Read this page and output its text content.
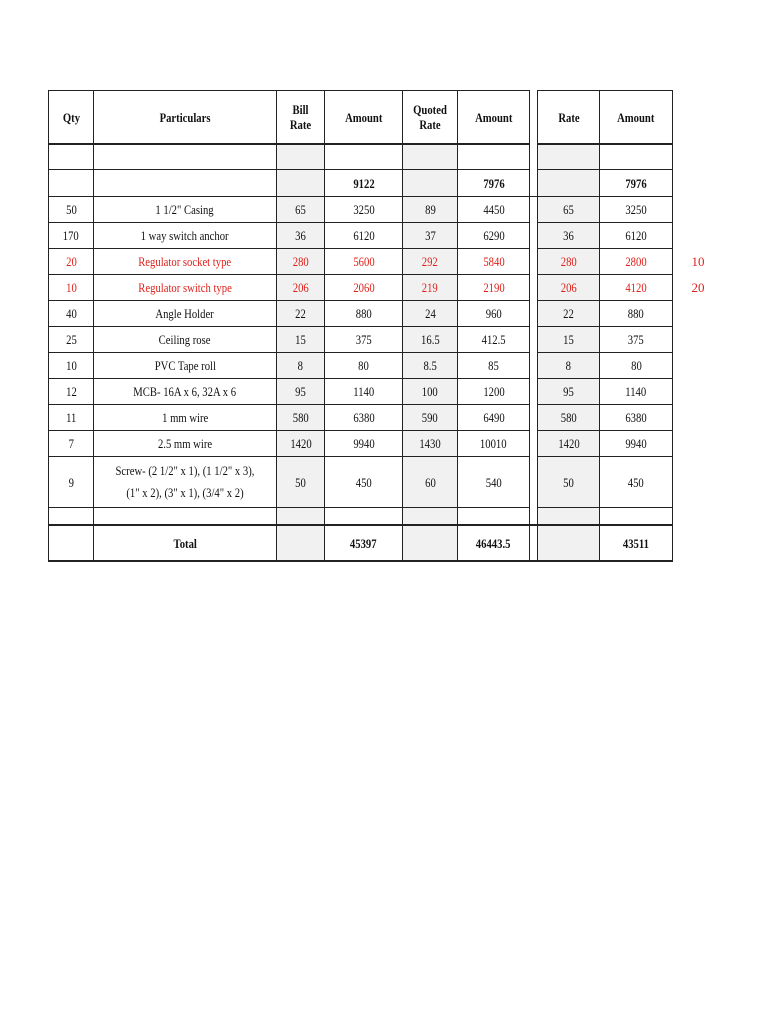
Qty	Particulars	Bill Rate	Amount	Quoted Rate	Amount		Rate	Amount

			9122		7976			7976
50	1 1/2" Casing	65	3250	89	4450		65	3250
170	1 way switch anchor	36	6120	37	6290		36	6120
20	Regulator socket type	280	5600	292	5840		280	2800
10	Regulator switch type	206	2060	219	2190		206	4120
40	Angle Holder	22	880	24	960		22	880
25	Ceiling rose	15	375	16.5	412.5		15	375
10	PVC Tape roll	8	80	8.5	85		8	80
12	MCB- 16A x 6, 32A x 6	95	1140	100	1200		95	1140
11	1 mm wire	580	6380	590	6490		580	6380
7	2.5 mm wire	1420	9940	1430	10010		1420	9940
9	Screw- (2 1/2" x 1), (1 1/2" x 3), (1" x 2), (3" x 1), (3/4" x 2)	50	450	60	540		50	450

	Total		45397		46443.5			43511
10
20
